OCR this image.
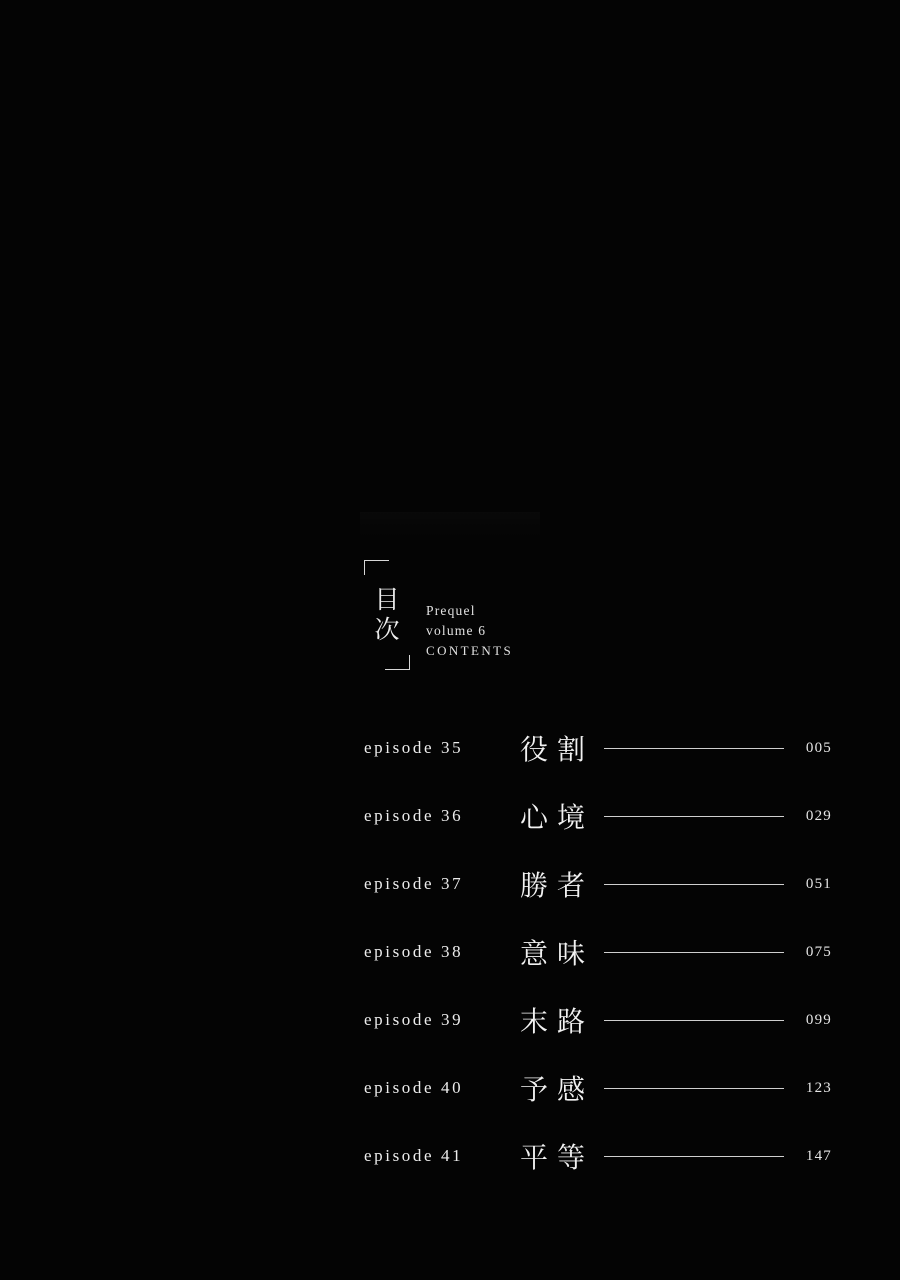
目
次
Prequel
volume 6
CONTENTS
episode 35	役割	005
episode 36	心境	029
episode 37	勝者	051
episode 38	意味	075
episode 39	末路	099
episode 40	予感	123
episode 41	平等	147
